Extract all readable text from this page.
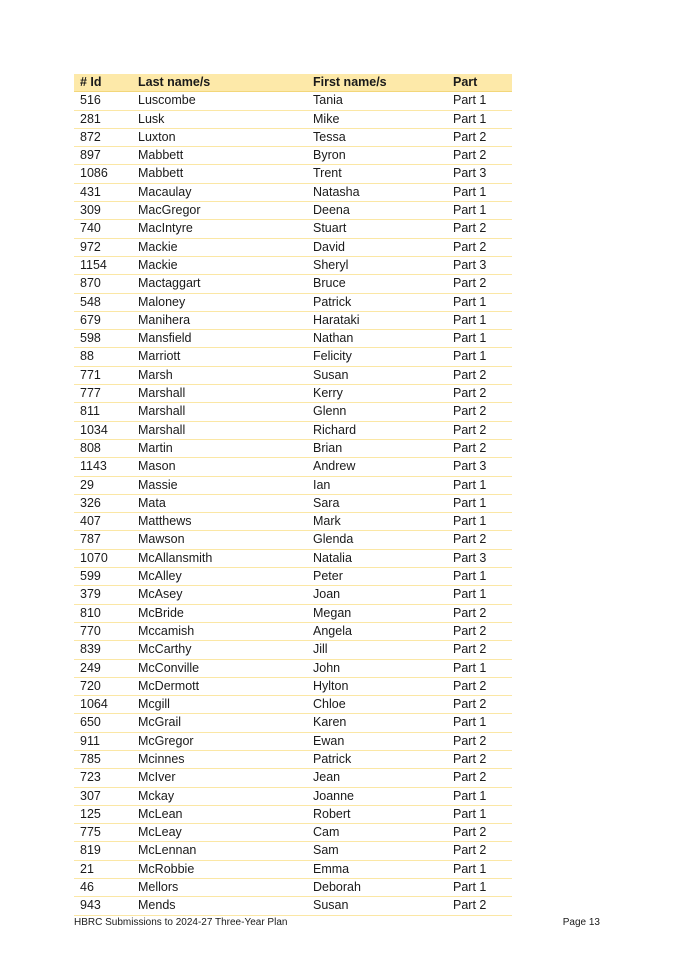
# Id	Last name/s	First name/s	Part
516	Luscombe	Tania	Part 1
281	Lusk	Mike	Part 1
872	Luxton	Tessa	Part 2
897	Mabbett	Byron	Part 2
1086	Mabbett	Trent	Part 3
431	Macaulay	Natasha	Part 1
309	MacGregor	Deena	Part 1
740	MacIntyre	Stuart	Part 2
972	Mackie	David	Part 2
1154	Mackie	Sheryl	Part 3
870	Mactaggart	Bruce	Part 2
548	Maloney	Patrick	Part 1
679	Manihera	Harataki	Part 1
598	Mansfield	Nathan	Part 1
88	Marriott	Felicity	Part 1
771	Marsh	Susan	Part 2
777	Marshall	Kerry	Part 2
811	Marshall	Glenn	Part 2
1034	Marshall	Richard	Part 2
808	Martin	Brian	Part 2
1143	Mason	Andrew	Part 3
29	Massie	Ian	Part 1
326	Mata	Sara	Part 1
407	Matthews	Mark	Part 1
787	Mawson	Glenda	Part 2
1070	McAllansmith	Natalia	Part 3
599	McAlley	Peter	Part 1
379	McAsey	Joan	Part 1
810	McBride	Megan	Part 2
770	Mccamish	Angela	Part 2
839	McCarthy	Jill	Part 2
249	McConville	John	Part 1
720	McDermott	Hylton	Part 2
1064	Mcgill	Chloe	Part 2
650	McGrail	Karen	Part 1
911	McGregor	Ewan	Part 2
785	Mcinnes	Patrick	Part 2
723	McIver	Jean	Part 2
307	Mckay	Joanne	Part 1
125	McLean	Robert	Part 1
775	McLeay	Cam	Part 2
819	McLennan	Sam	Part 2
21	McRobbie	Emma	Part 1
46	Mellors	Deborah	Part 1
943	Mends	Susan	Part 2
HBRC Submissions to 2024-27 Three-Year Plan	Page 13
